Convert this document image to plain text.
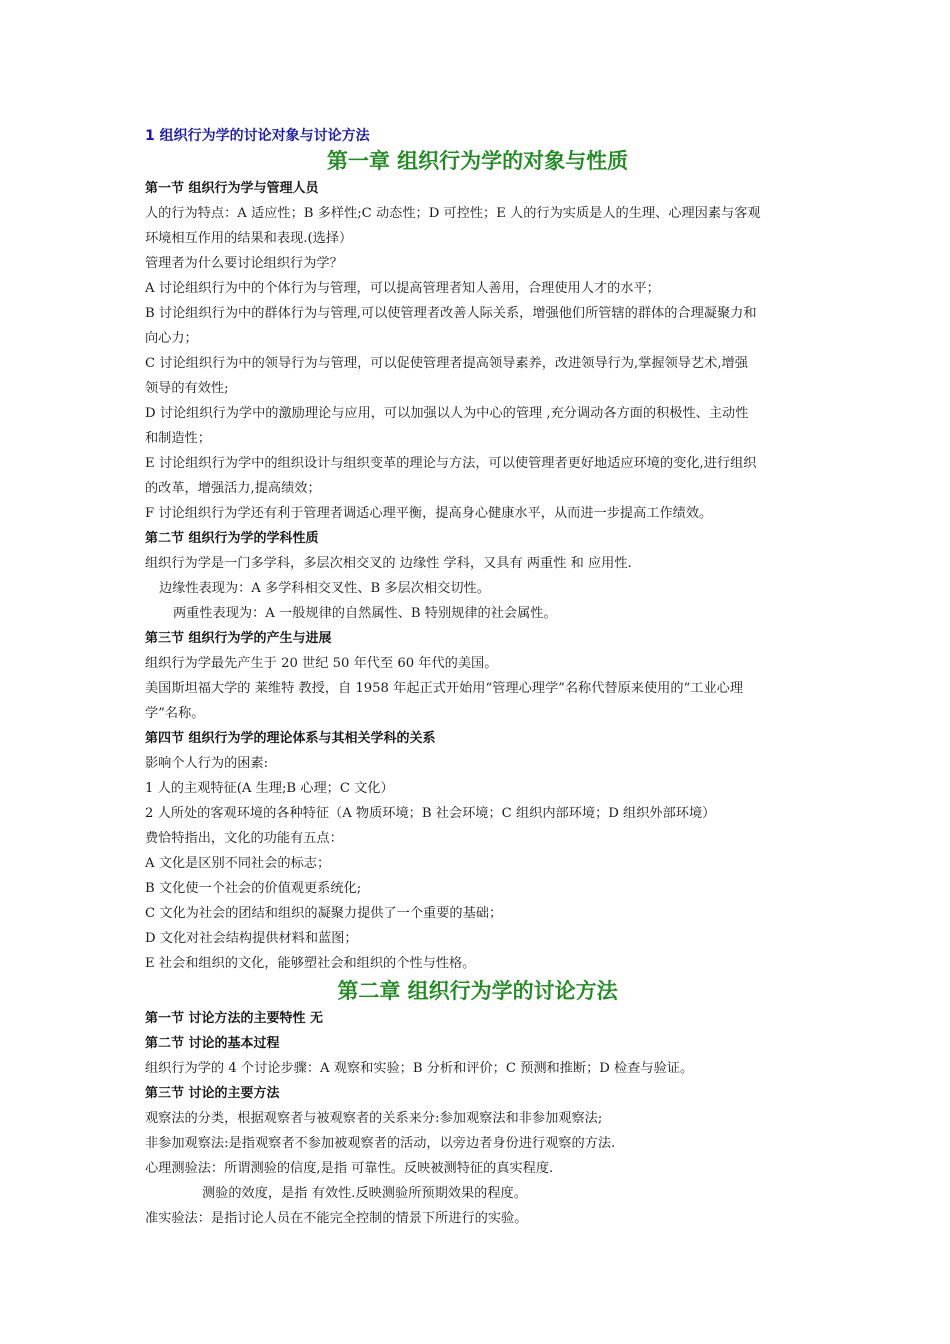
1 组织行为学的讨论对象与讨论方法

第一章 组织行为学的对象与性质

第一节 组织行为学与管理人员

人的行为特点：A 适应性；B 多样性;C 动态性；D 可控性；E 人的行为实质是人的生理、心理因素与客观

环境相互作用的结果和表现.(选择）

管理者为什么要讨论组织行为学？

A 讨论组织行为中的个体行为与管理，可以提高管理者知人善用，合理使用人才的水平；

B 讨论组织行为中的群体行为与管理,可以使管理者改善人际关系，增强他们所管辖的群体的合理凝聚力和

向心力；

C 讨论组织行为中的领导行为与管理，可以促使管理者提高领导素养，改进领导行为,掌握领导艺术,增强

领导的有效性;

D 讨论组织行为学中的激励理论与应用，可以加强以人为中心的管理 ,充分调动各方面的积极性、主动性

和制造性；

E 讨论组织行为学中的组织设计与组织变革的理论与方法，可以使管理者更好地适应环境的变化,进行组织

的改革，增强活力,提高绩效；

F 讨论组织行为学还有利于管理者调适心理平衡，提高身心健康水平，从而进一步提高工作绩效。

第二节 组织行为学的学科性质

组织行为学是一门多学科，多层次相交叉的 边缘性 学科，又具有 两重性 和 应用性.

边缘性表现为：A 多学科相交叉性、B 多层次相交切性。

两重性表现为：A 一般规律的自然属性、B 特别规律的社会属性。

第三节 组织行为学的产生与进展

组织行为学最先产生于 20 世纪 50 年代至 60 年代的美国。

美国斯坦福大学的 莱维特 教授，自 1958 年起正式开始用“管理心理学”名称代替原来使用的“工业心理

学”名称。

第四节 组织行为学的理论体系与其相关学科的关系

影响个人行为的困素:

1 人的主观特征(A 生理;B 心理；C 文化）

2 人所处的客观环境的各种特征（A 物质环境；B 社会环境；C 组织内部环境；D 组织外部环境）

费恰特指出，文化的功能有五点：

A 文化是区别不同社会的标志；

B 文化使一个社会的价值观更系统化;

C 文化为社会的团结和组织的凝聚力提供了一个重要的基础；

D 文化对社会结构提供材料和蓝图；

E 社会和组织的文化，能够塑社会和组织的个性与性格。

第二章 组织行为学的讨论方法

第一节 讨论方法的主要特性 无

第二节 讨论的基本过程

组织行为学的 4 个讨论步骤：A 观察和实验；B 分析和评价；C 预测和推断；D 检查与验证。

第三节 讨论的主要方法

观察法的分类，根据观察者与被观察者的关系来分:参加观察法和非参加观察法;

非参加观察法:是指观察者不参加被观察者的活动，以旁边者身份进行观察的方法.

心理测验法：所谓测验的信度,是指 可靠性。反映被测特征的真实程度.

测验的效度，是指 有效性.反映测验所预期效果的程度。

准实验法：是指讨论人员在不能完全控制的情景下所进行的实验。
